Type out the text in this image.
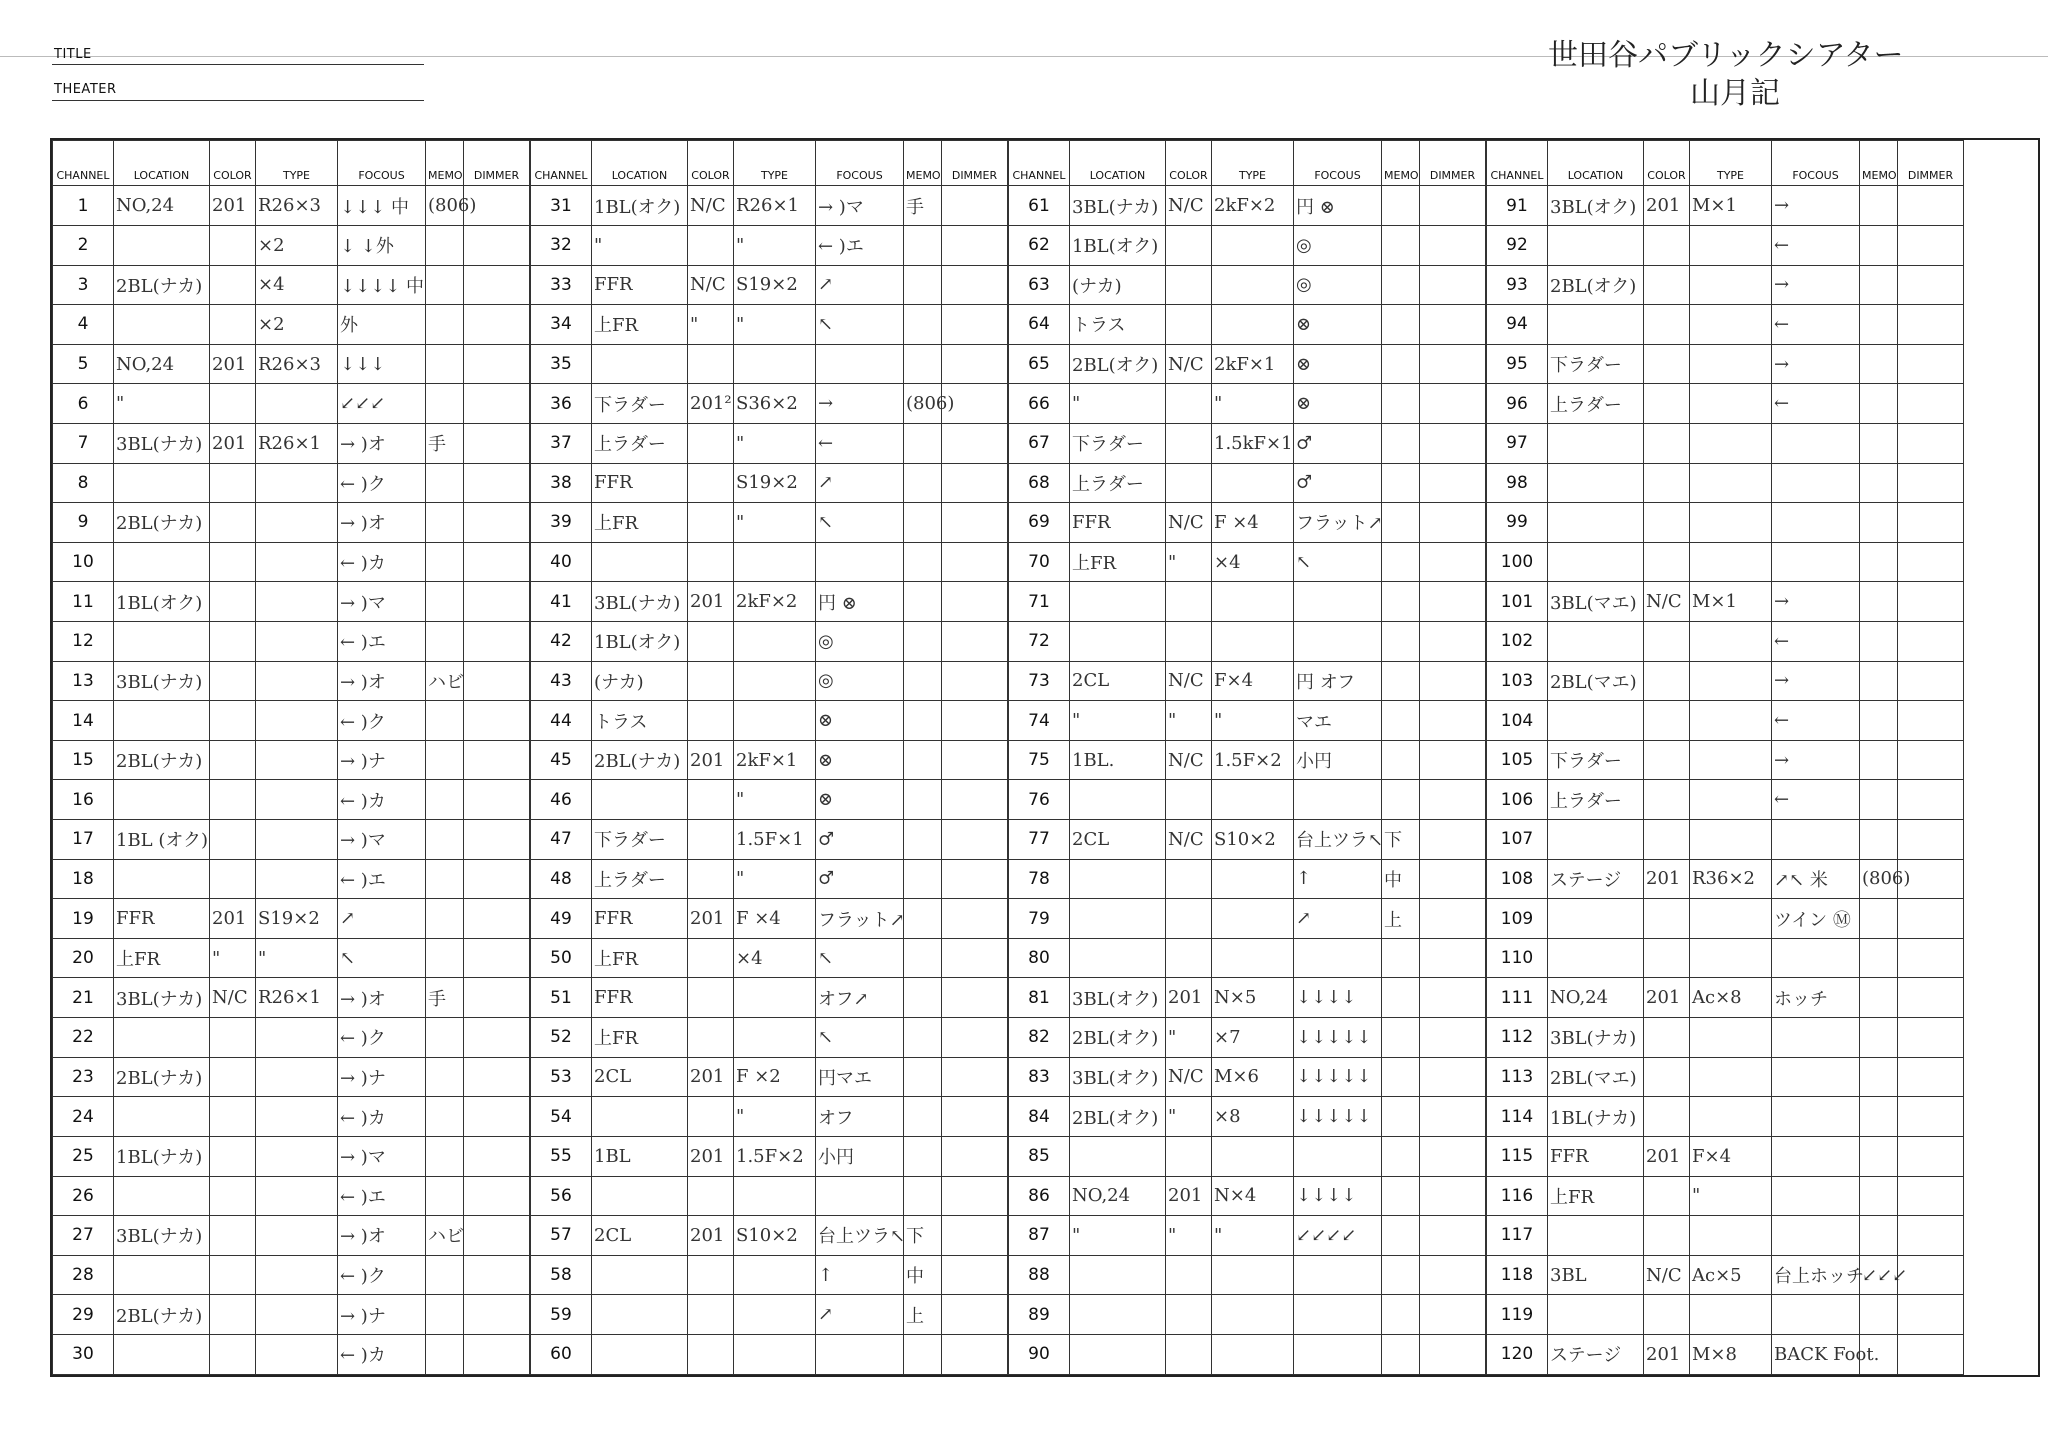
TITLE
THEATER
世田谷パブリックシアター
山月記
CHANNEL	LOCATION	COLOR	TYPE	FOCOUS	MEMO	DIMMER
1	NO,24	201	R26×3	↓↓↓ 中	(806)	
2			×2	↓ ↓外		
3	2BL(ナカ)		×4	↓↓↓↓ 中		
4			×2	外		
5	NO,24	201	R26×3	↓↓↓		
6	"			↙↙↙		
7	3BL(ナカ)	201	R26×1	→ )オ	手	
8				← )ク		
9	2BL(ナカ)			→ )オ		
10				← )カ		
11	1BL(オク)			→ )マ		
12				← )エ		
13	3BL(ナカ)			→ )オ	ハビ	
14				← )ク		
15	2BL(ナカ)			→ )ナ		
16				← )カ		
17	1BL (オク)			→ )マ		
18				← )エ		
19	FFR	201	S19×2	↗		
20	上FR	"	"	↖		
21	3BL(ナカ)	N/C	R26×1	→ )オ	手	
22				← )ク		
23	2BL(ナカ)			→ )ナ		
24				← )カ		
25	1BL(ナカ)			→ )マ		
26				← )エ		
27	3BL(ナカ)			→ )オ	ハビ	
28				← )ク		
29	2BL(ナカ)			→ )ナ		
30				← )カ		
CHANNEL	LOCATION	COLOR	TYPE	FOCOUS	MEMO	DIMMER
31	1BL(オク)	N/C	R26×1	→ )マ	手	
32	"		"	← )エ		
33	FFR	N/C	S19×2	↗		
34	上FR	"	"	↖		
35						
36	下ラダー	201²	S36×2	→	(806)	
37	上ラダー		"	←		
38	FFR		S19×2	↗		
39	上FR		"	↖		
40						
41	3BL(ナカ)	201	2kF×2	円 ⊗		
42	1BL(オク)			◎		
43	(ナカ)			◎		
44	トラス			⊗		
45	2BL(ナカ)	201	2kF×1	⊗		
46			"	⊗		
47	下ラダー		1.5F×1	♂		
48	上ラダー		"	♂		
49	FFR	201	F ×4	フラット↗		
50	上FR		×4	↖		
51	FFR			オフ↗		
52	上FR			↖		
53	2CL	201	F ×2	円マエ		
54			"	オフ		
55	1BL	201	1.5F×2	小円		
56						
57	2CL	201	S10×2	台上ツラ↖	下	
58				↑	中	
59				↗	上	
60						
CHANNEL	LOCATION	COLOR	TYPE	FOCOUS	MEMO	DIMMER
61	3BL(ナカ)	N/C	2kF×2	円 ⊗		
62	1BL(オク)			◎		
63	(ナカ)			◎		
64	トラス			⊗		
65	2BL(オク)	N/C	2kF×1	⊗		
66	"		"	⊗		
67	下ラダー		1.5kF×1	♂		
68	上ラダー			♂		
69	FFR	N/C	F ×4	フラット↗		
70	上FR	"	×4	↖		
71						
72						
73	2CL	N/C	F×4	円 オフ		
74	"	"	"	マエ		
75	1BL.	N/C	1.5F×2	小円		
76						
77	2CL	N/C	S10×2	台上ツラ↖	下	
78				↑	中	
79				↗	上	
80						
81	3BL(オク)	201	N×5	↓↓↓↓		
82	2BL(オク)	"	×7	↓↓↓↓↓		
83	3BL(オク)	N/C	M×6	↓↓↓↓↓		
84	2BL(オク)	"	×8	↓↓↓↓↓		
85						
86	NO,24	201	N×4	↓↓↓↓		
87	"	"	"	↙↙↙↙		
88						
89						
90						
CHANNEL	LOCATION	COLOR	TYPE	FOCOUS	MEMO	DIMMER
91	3BL(オク)	201	M×1	→		
92				←		
93	2BL(オク)			→		
94				←		
95	下ラダー			→		
96	上ラダー			←		
97						
98						
99						
100						
101	3BL(マエ)	N/C	M×1	→		
102				←		
103	2BL(マエ)			→		
104				←		
105	下ラダー			→		
106	上ラダー			←		
107						
108	ステージ	201	R36×2	↗↖ 米	(806)	
109				ツイン Ⓜ		
110						
111	NO,24	201	Ac×8	ホッチ		
112	3BL(ナカ)					
113	2BL(マエ)					
114	1BL(ナカ)					
115	FFR	201	F×4			
116	上FR		"			
117						
118	3BL	N/C	Ac×5	台上ホッチ	↙↙↙	
119						
120	ステージ	201	M×8	BACK Foot.		
